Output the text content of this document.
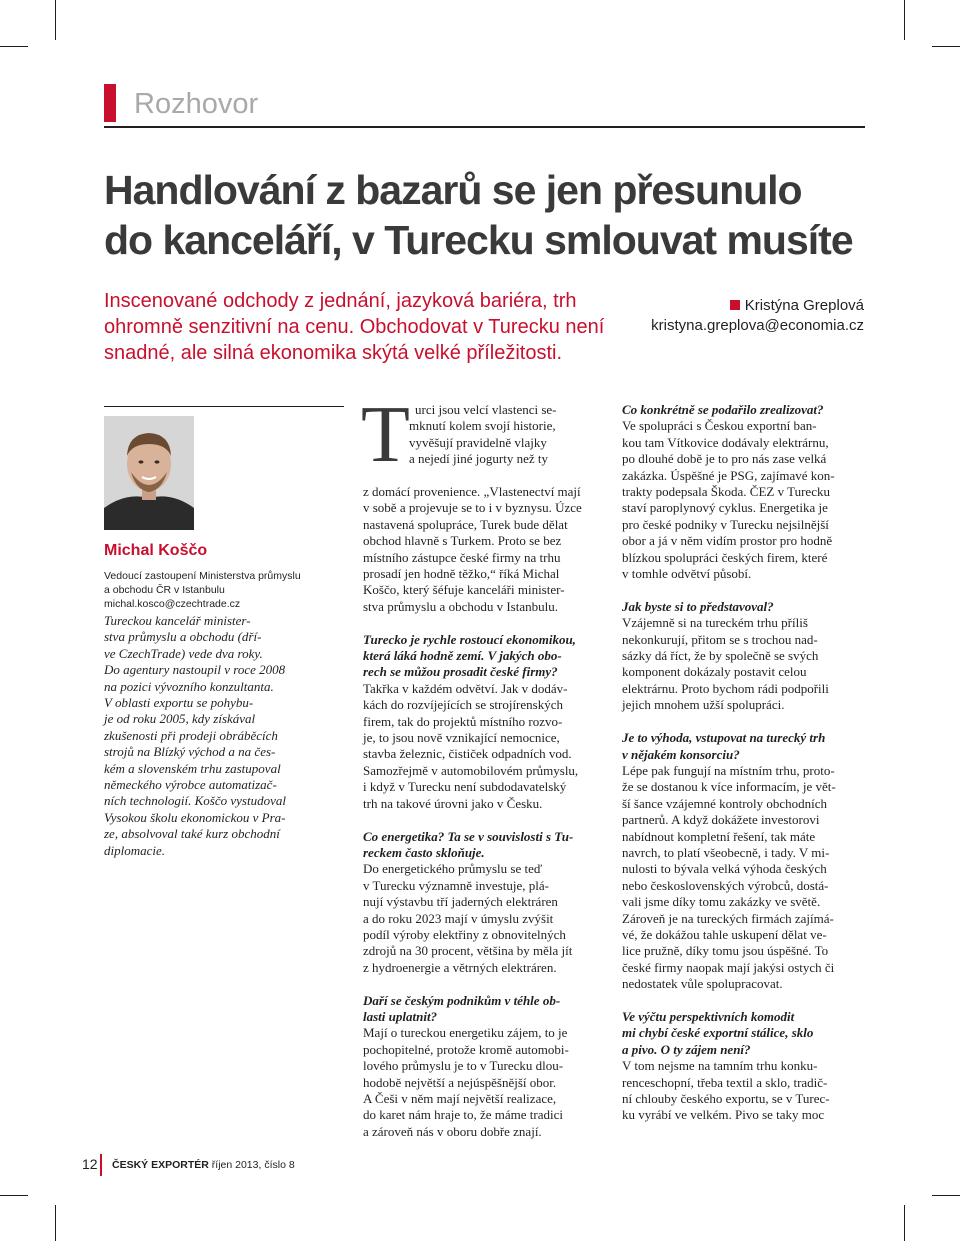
Rozhovor
Handlování z bazarů se jen přesunulo
do kanceláří, v Turecku smlouvat musíte

Inscenované odchody z jednání, jazyková bariéra, trh
ohromně senzitivní na cenu. Obchodovat v Turecku není
snadné, ale silná ekonomika skýtá velké příležitosti.

Kristýna Greplová
kristyna.greplova@economia.cz
Michal Koščo

Vedoucí zastoupení Ministerstva průmyslu
a obchodu ČR v Istanbulu
michal.kosco@czechtrade.cz

Tureckou kancelář minister-
stva průmyslu a obchodu (dří-
ve CzechTrade) vede dva roky.
Do agentury nastoupil v roce 2008
na pozici vývozního konzultanta.
V oblasti exportu se pohybu-
je od roku 2005, kdy získával
zkušenosti při prodeji obráběcích
strojů na Blízký východ a na čes-
kém a slovenském trhu zastupoval
německého výrobce automatizač-
ních technologií. Koščo vystudoval
Vysokou školu ekonomickou v Pra-
ze, absolvoval také kurz obchodní
diplomacie.

T urci jsou velcí vlastenci se-
mknutí kolem svojí historie,
vyvěšují pravidelně vlajky
a nejedí jiné jogurty než ty

z domácí provenience. „Vlastenectví mají
v sobě a projevuje se to i v byznysu. Úzce
nastavená spolupráce, Turek bude dělat
obchod hlavně s Turkem. Proto se bez
místního zástupce české firmy na trhu
prosadí jen hodně těžko,“ říká Michal
Koščo, který šéfuje kanceláři minister-
stva průmyslu a obchodu v Istanbulu.

Turecko je rychle rostoucí ekonomikou,
která láká hodně zemí. V jakých obo-
rech se můžou prosadit české firmy?

Takřka v každém odvětví. Jak v dodáv-
kách do rozvíjejících se strojírenských
firem, tak do projektů místního rozvo-
je, to jsou nově vznikající nemocnice,
stavba železnic, čističek odpadních vod.
Samozřejmě v automobilovém průmyslu,
i když v Turecku není subdodavatelský
trh na takové úrovni jako v Česku.

Co energetika? Ta se v souvislosti s Tu-
reckem často skloňuje.

Do energetického průmyslu se teď
v Turecku významně investuje, plá-
nují výstavbu tří jaderných elektráren
a do roku 2023 mají v úmyslu zvýšit
podíl výroby elektřiny z obnovitelných
zdrojů na 30 procent, většina by měla jít
z hydroenergie a větrných elektráren.

Daří se českým podnikům v téhle ob-
lasti uplatnit?

Mají o tureckou energetiku zájem, to je
pochopitelné, protože kromě automobi-
lového průmyslu je to v Turecku dlou-
hodobě největší a nejúspěšnější obor.
A Češi v něm mají největší realizace,
do karet nám hraje to, že máme tradici
a zároveň nás v oboru dobře znají.

Co konkrétně se podařilo zrealizovat?

Ve spolupráci s Českou exportní ban-
kou tam Vítkovice dodávaly elektrárnu,
po dlouhé době je to pro nás zase velká
zakázka. Úspěšné je PSG, zajímavé kon-
trakty podepsala Škoda. ČEZ v Turecku
staví paroplynový cyklus. Energetika je
pro české podniky v Turecku nejsilnější
obor a já v něm vidím prostor pro hodně
blízkou spolupráci českých firem, které
v tomhle odvětví působí.

Jak byste si to představoval?

Vzájemně si na tureckém trhu příliš
nekonkurují, přitom se s trochou nad-
sázky dá říct, že by společně se svých
komponent dokázaly postavit celou
elektrárnu. Proto bychom rádi podpořili
jejich mnohem užší spolupráci.

Je to výhoda, vstupovat na turecký trh
v nějakém konsorciu?

Lépe pak fungují na místním trhu, proto-
že se dostanou k více informacím, je vět-
ší šance vzájemné kontroly obchodních
partnerů. A když dokážete investorovi
nabídnout kompletní řešení, tak máte
navrch, to platí všeobecně, i tady. V mi-
nulosti to bývala velká výhoda českých
nebo československých výrobců, dostá-
vali jsme díky tomu zakázky ve světě.
Zároveň je na tureckých firmách zajímá-
vé, že dokážou tahle uskupení dělat ve-
lice pružně, díky tomu jsou úspěšné. To
české firmy naopak mají jakýsi ostych či
nedostatek vůle spolupracovat.

Ve výčtu perspektivních komodit
mi chybí české exportní stálice, sklo
a pivo. O ty zájem není?

V tom nejsme na tamním trhu konku-
renceschopní, třeba textil a sklo, tradič-
ní chlouby českého exportu, se v Turec-
ku vyrábí ve velkém. Pivo se taky moc

12 ČESKÝ EXPORTÉR říjen 2013, číslo 8
